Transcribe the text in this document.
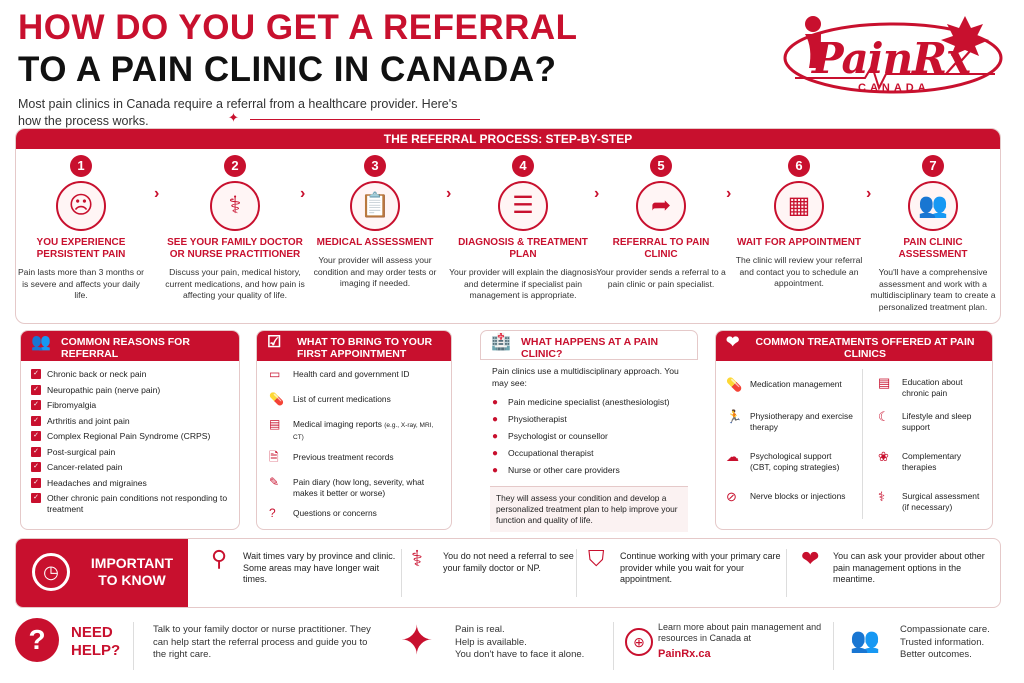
HOW DO YOU GET A REFERRAL
TO A PAIN CLINIC IN CANADA?
Most pain clinics in Canada require a referral from a healthcare provider. Here's how the process works.	✦
PainRx
CANADA
THE REFERRAL PROCESS: STEP-BY-STEP
1
☹
YOU EXPERIENCE PERSISTENT PAIN
Pain lasts more than 3 months or is severe and affects your daily life.
›
2
⚕
SEE YOUR FAMILY DOCTOR OR NURSE PRACTITIONER
Discuss your pain, medical history, current medications, and how pain is affecting your quality of life.
›
3
📋
MEDICAL ASSESSMENT
Your provider will assess your condition and may order tests or imaging if needed.
›
4
☰
DIAGNOSIS & TREATMENT PLAN
Your provider will explain the diagnosis and determine if specialist pain management is appropriate.
›
5
➦
REFERRAL TO PAIN CLINIC
Your provider sends a referral to a pain clinic or pain specialist.
›
6
▦
WAIT FOR APPOINTMENT
The clinic will review your referral and contact you to schedule an appointment.
›
7
👥
PAIN CLINIC ASSESSMENT
You'll have a comprehensive assessment and work with a multidisciplinary team to create a personalized treatment plan.
👥 COMMON REASONS FOR REFERRAL
✓ Chronic back or neck pain
✓ Neuropathic pain (nerve pain)
✓ Fibromyalgia
✓ Arthritis and joint pain
✓ Complex Regional Pain Syndrome (CRPS)
✓ Post-surgical pain
✓ Cancer-related pain
✓ Headaches and migraines
✓ Other chronic pain conditions not responding to treatment
☑ WHAT TO BRING TO YOUR FIRST APPOINTMENT
▭ Health card and government ID
💊 List of current medications
▤ Medical imaging reports (e.g., X-ray, MRI, CT)
🗎 Previous treatment records
✎ Pain diary (how long, severity, what makes it better or worse)
? Questions or concerns
🏥 WHAT HAPPENS AT A PAIN CLINIC?
Pain clinics use a multidisciplinary approach. You may see:
● Pain medicine specialist (anesthesiologist)
● Physiotherapist
● Psychologist or counsellor
● Occupational therapist
● Nurse or other care providers
They will assess your condition and develop a personalized treatment plan to help improve your function and quality of life.
❤ COMMON TREATMENTS OFFERED AT PAIN CLINICS
💊 Medication management
🏃 Physiotherapy and exercise therapy
☁ Psychological support (CBT, coping strategies)
⊘ Nerve blocks or injections
▤ Education about chronic pain
☾ Lifestyle and sleep support
❀ Complementary therapies
⚕ Surgical assessment (if necessary)
◷	IMPORTANT TO KNOW
⚲ Wait times vary by province and clinic. Some areas may have longer wait times.
⚕ You do not need a referral to see your family doctor or NP.	⛉ Continue working with your primary care provider while you wait for your appointment.
❤ You can ask your provider about other pain management options in the meantime.
?	NEED
HELP?
Talk to your family doctor or nurse practitioner. They can help start the referral process and guide you to the right care.	✦ Pain is real.
Help is available.
You don't have to face it alone.
⊕
Learn more about pain management and resources in Canada at
PainRx.ca	👥 Compassionate care.
Trusted information.
Better outcomes.
